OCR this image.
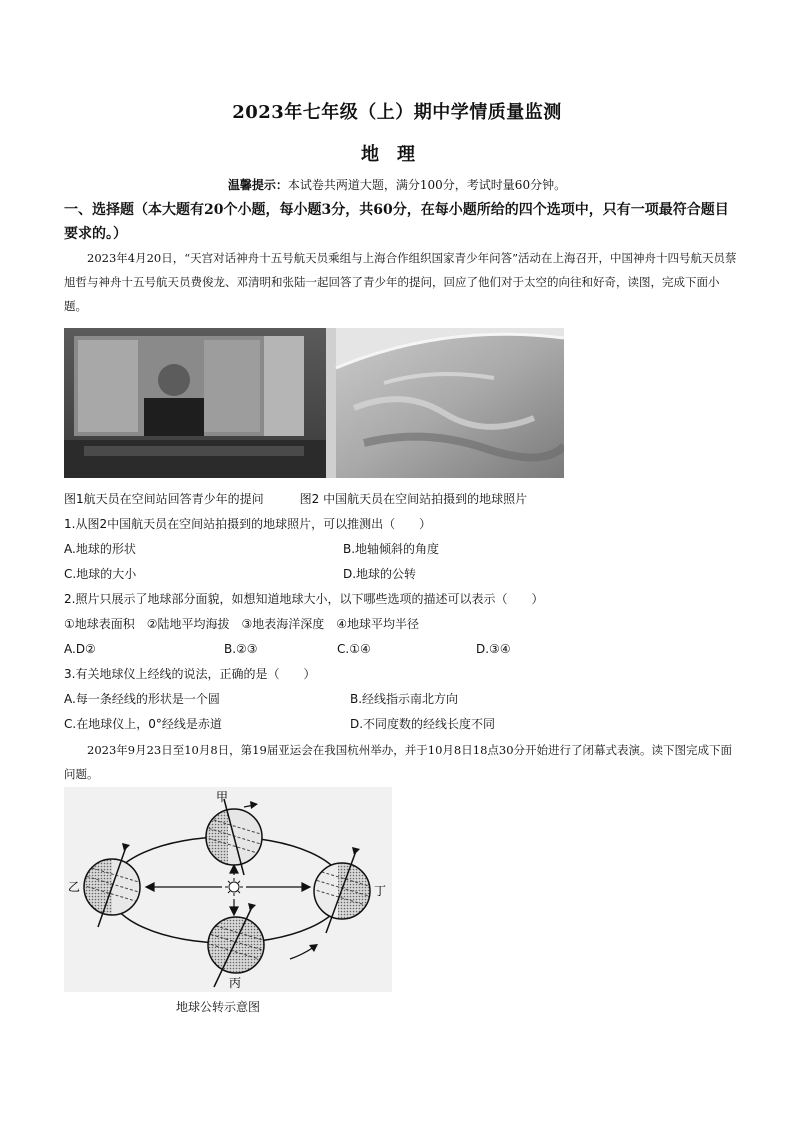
2023年七年级（上）期中学情质量监测
地理
温馨提示：本试卷共两道大题，满分100分，考试时量60分钟。
一、选择题（本大题有20个小题，每小题3分，共60分，在每小题所给的四个选项中，只有一项最符合题目要求的。）
2023年4月20日，“天宫对话神舟十五号航天员乘组与上海合作组织国家青少年问答”活动在上海召开，中国神舟十四号航天员蔡旭哲与神舟十五号航天员费俊龙、邓清明和张陆一起回答了青少年的提问，回应了他们对于太空的向往和好奇，读图，完成下面小题。
图1航天员在空间站回答青少年的提问	图2 中国航天员在空间站拍摄到的地球照片
1.从图2中国航天员在空间站拍摄到的地球照片，可以推测出（　　）
A.地球的形状	B.地轴倾斜的角度
C.地球的大小	D.地球的公转
2.照片只展示了地球部分面貌，如想知道地球大小，以下哪些选项的描述可以表示（　　）
①地球表面积　②陆地平均海拔　③地表海洋深度　④地球平均半径
A.D②	B.②③	C.①④	D.③④
3.有关地球仪上经线的说法，正确的是（　　）
A.每一条经线的形状是一个圆	B.经线指示南北方向
C.在地球仪上，0°经线是赤道	D.不同度数的经线长度不同
2023年9月23日至10月8日，第19届亚运会在我国杭州举办，并于10月8日18点30分开始进行了闭幕式表演。读下图完成下面问题。
甲
乙
丙
丁
地球公转示意图
